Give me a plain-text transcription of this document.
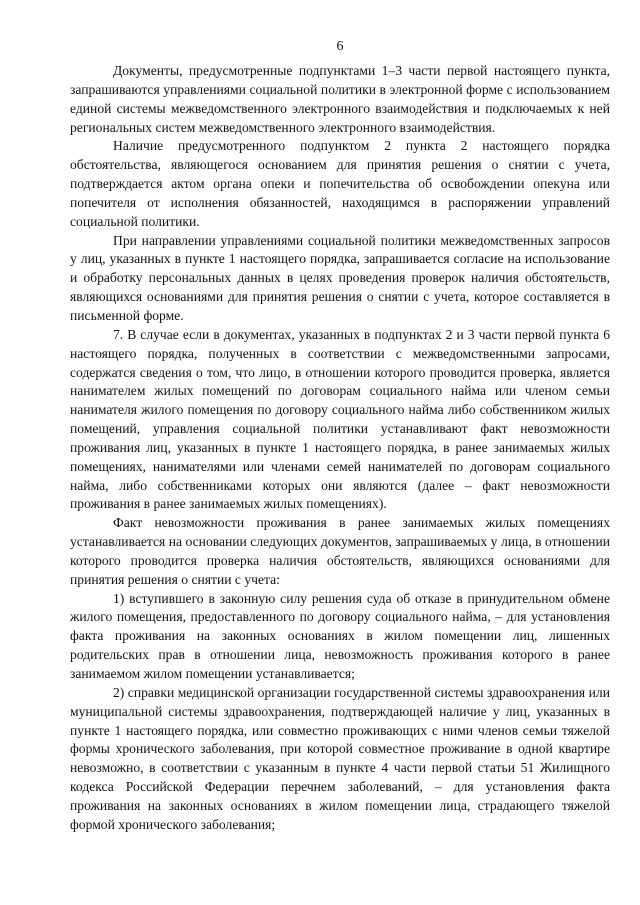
6

Документы, предусмотренные подпунктами 1–3 части первой настоящего пункта, запрашиваются управлениями социальной политики в электронной форме с использованием единой системы межведомственного электронного взаимодействия и подключаемых к ней региональных систем межведомственного электронного взаимодействия.

Наличие предусмотренного подпунктом 2 пункта 2 настоящего порядка обстоятельства, являющегося основанием для принятия решения о снятии с учета, подтверждается актом органа опеки и попечительства об освобождении опекуна или попечителя от исполнения обязанностей, находящимся в распоряжении управлений социальной политики.

При направлении управлениями социальной политики межведомственных запросов у лиц, указанных в пункте 1 настоящего порядка, запрашивается согласие на использование и обработку персональных данных в целях проведения проверок наличия обстоятельств, являющихся основаниями для принятия решения о снятии с учета, которое составляется в письменной форме.

7. В случае если в документах, указанных в подпунктах 2 и 3 части первой пункта 6 настоящего порядка, полученных в соответствии с межведомственными запросами, содержатся сведения о том, что лицо, в отношении которого проводится проверка, является нанимателем жилых помещений по договорам социального найма или членом семьи нанимателя жилого помещения по договору социального найма либо собственником жилых помещений, управления социальной политики устанавливают факт невозможности проживания лиц, указанных в пункте 1 настоящего порядка, в ранее занимаемых жилых помещениях, нанимателями или членами семей нанимателей по договорам социального найма, либо собственниками которых они являются (далее – факт невозможности проживания в ранее занимаемых жилых помещениях).

Факт невозможности проживания в ранее занимаемых жилых помещениях устанавливается на основании следующих документов, запрашиваемых у лица, в отношении которого проводится проверка наличия обстоятельств, являющихся основаниями для принятия решения о снятии с учета:

1) вступившего в законную силу решения суда об отказе в принудительном обмене жилого помещения, предоставленного по договору социального найма, – для установления факта проживания на законных основаниях в жилом помещении лиц, лишенных родительских прав в отношении лица, невозможность проживания которого в ранее занимаемом жилом помещении устанавливается;

2) справки медицинской организации государственной системы здравоохранения или муниципальной системы здравоохранения, подтверждающей наличие у лиц, указанных в пункте 1 настоящего порядка, или совместно проживающих с ними членов семьи тяжелой формы хронического заболевания, при которой совместное проживание в одной квартире невозможно, в соответствии с указанным в пункте 4 части первой статьи 51 Жилищного кодекса Российской Федерации перечнем заболеваний, – для установления факта проживания на законных основаниях в жилом помещении лица, страдающего тяжелой формой хронического заболевания;
